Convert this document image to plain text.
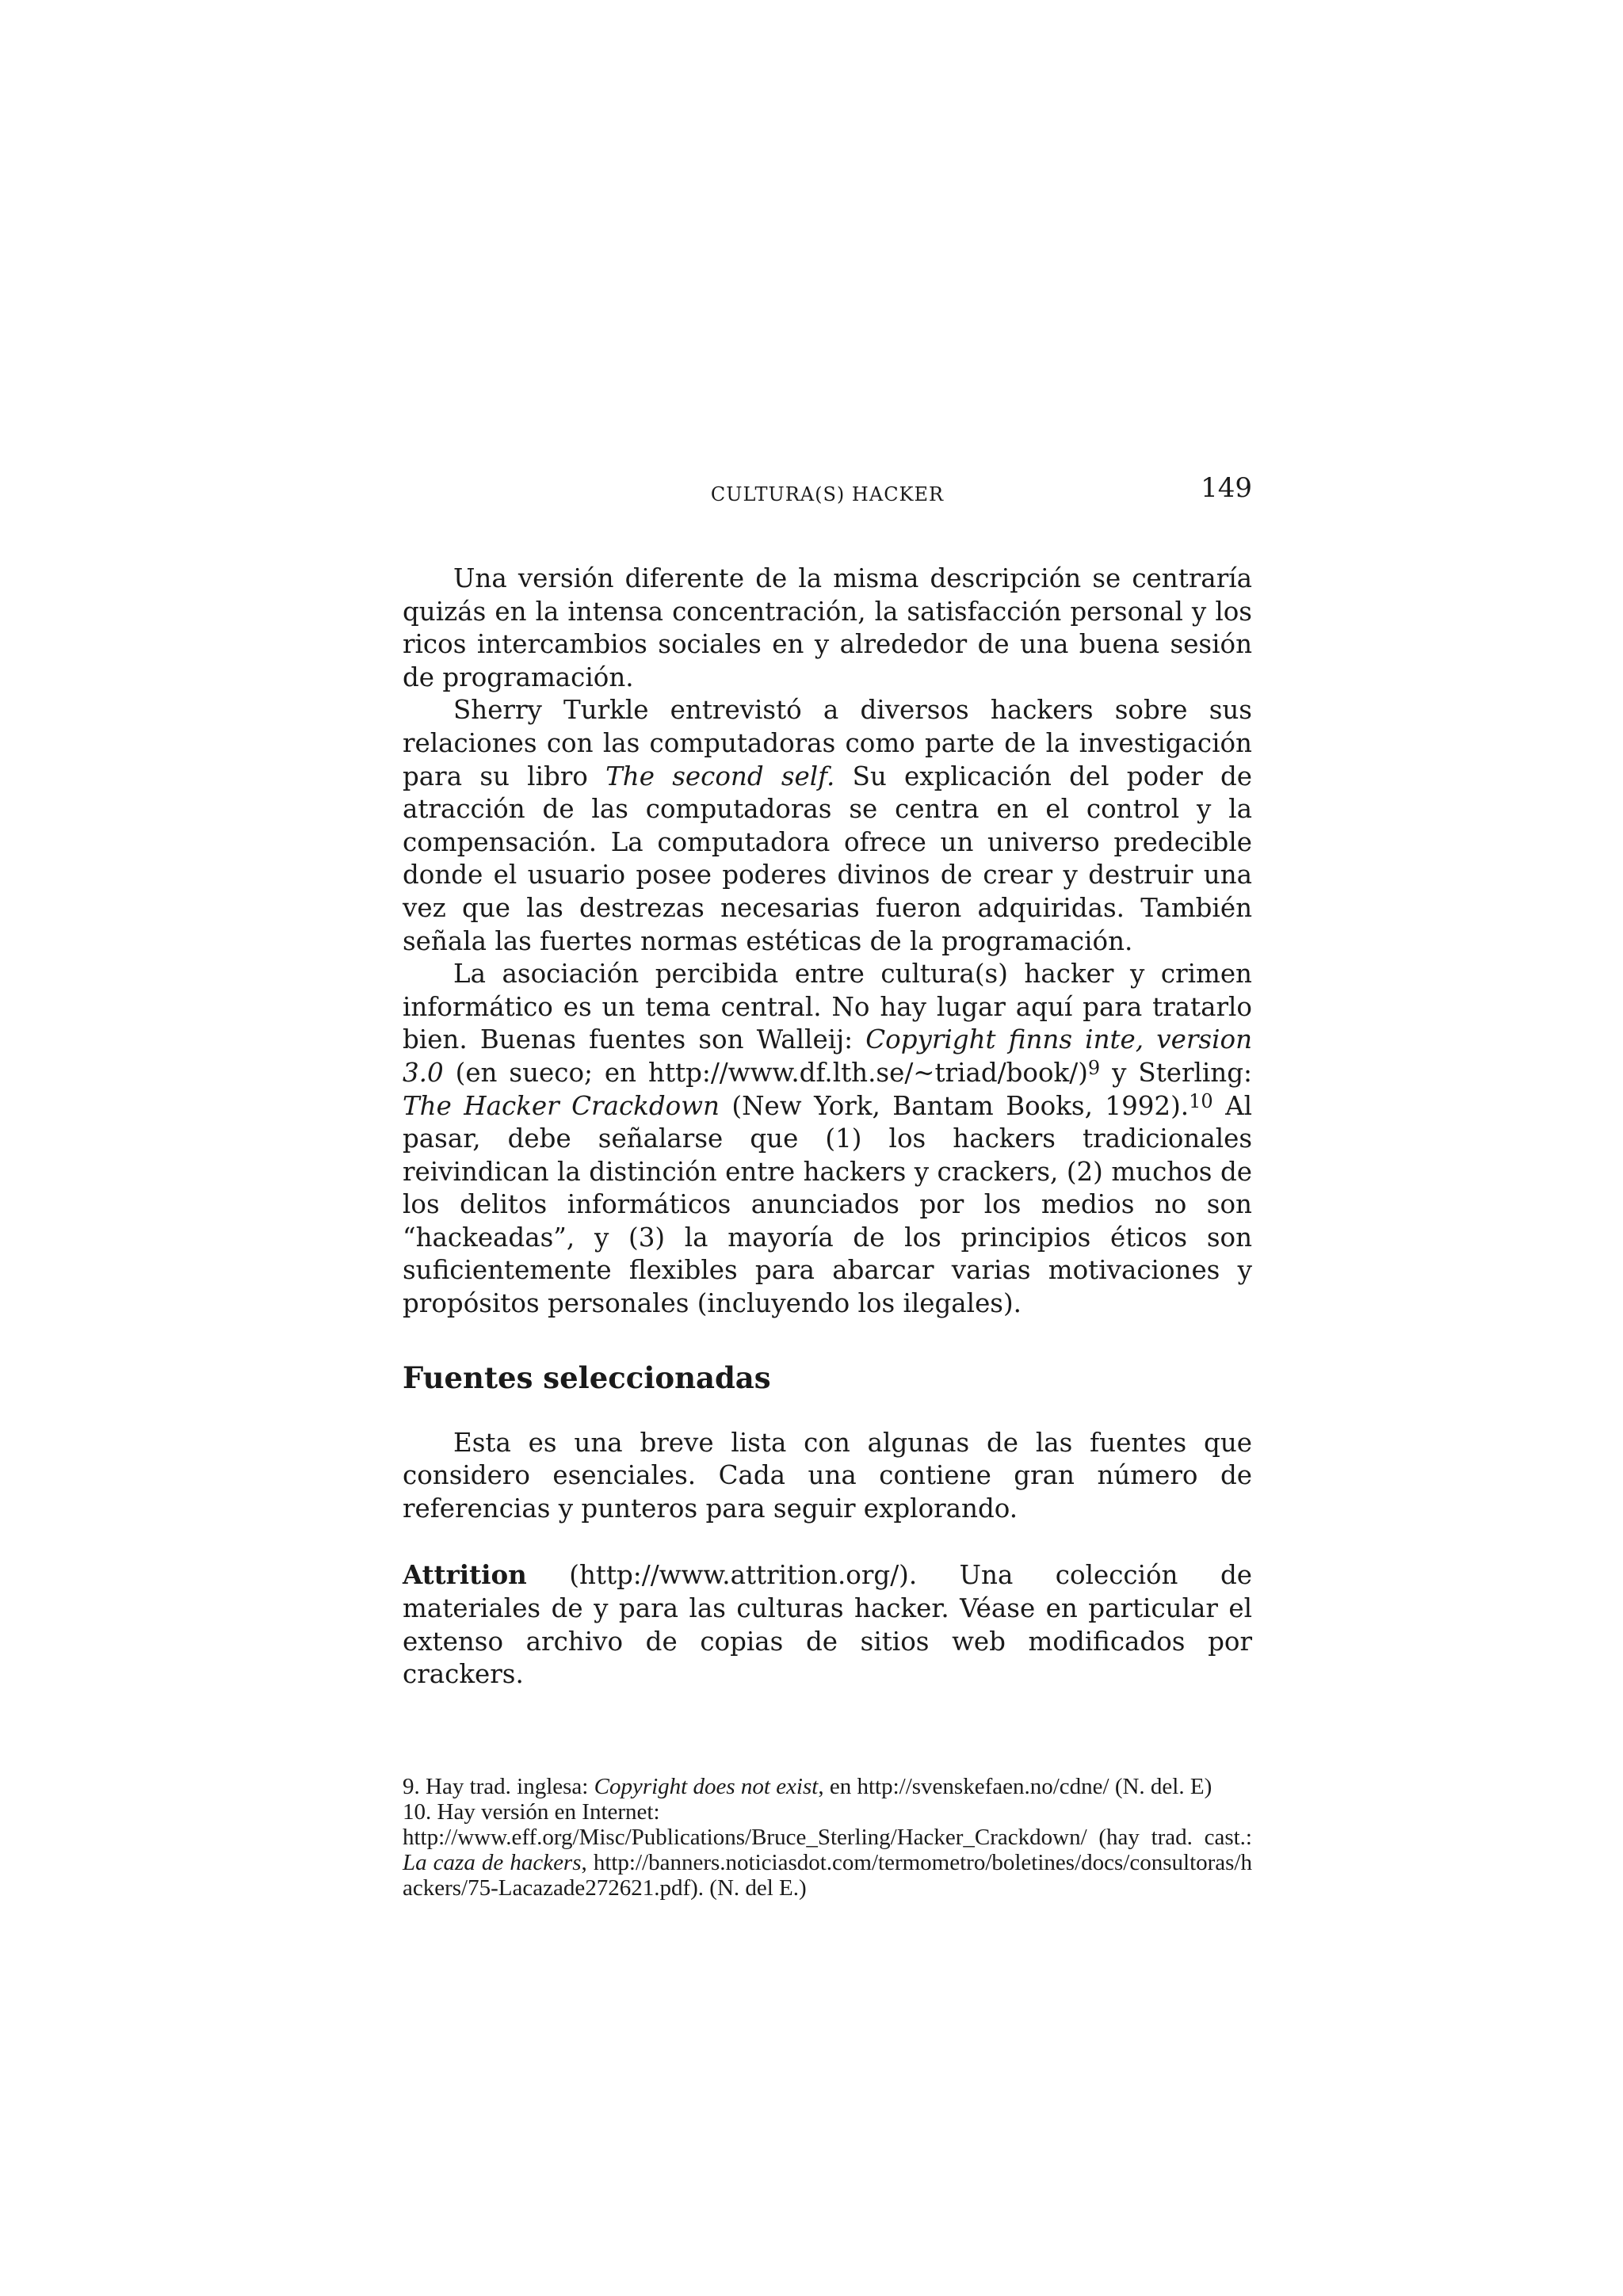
CULTURA(S) HACKER	149

Una versión diferente de la misma descripción se centraría quizás en la intensa concentración, la satisfacción personal y los ricos intercambios sociales en y alrededor de una buena sesión de programación.

Sherry Turkle entrevistó a diversos hackers sobre sus relaciones con las computadoras como parte de la investigación para su libro The second self. Su explicación del poder de atracción de las computadoras se centra en el control y la compensación. La computadora ofrece un universo predecible donde el usuario posee poderes divinos de crear y destruir una vez que las destrezas necesarias fueron adquiridas. También señala las fuertes normas estéticas de la programación.

La asociación percibida entre cultura(s) hacker y crimen informático es un tema central. No hay lugar aquí para tratarlo bien. Buenas fuentes son Walleij: Copyright finns inte, version 3.0 (en sueco; en http://www.df.lth.se/~triad/book/)$^9$ y Sterling: The Hacker Crackdown (New York, Bantam Books, 1992).$^{10}$ Al pasar, debe señalarse que (1) los hackers tradicionales reivindican la distinción entre hackers y crackers, (2) muchos de los delitos informáticos anunciados por los medios no son “hackeadas”, y (3) la mayoría de los principios éticos son suficientemente flexibles para abarcar varias motivaciones y propósitos personales (incluyendo los ilegales).

Fuentes seleccionadas

Esta es una breve lista con algunas de las fuentes que considero esenciales. Cada una contiene gran número de referencias y punteros para seguir explorando.

Attrition (http://www.attrition.org/). Una colección de materiales de y para las culturas hacker. Véase en particular el extenso archivo de copias de sitios web modificados por crackers.

9. Hay trad. inglesa: Copyright does not exist, en http://svenskefaen.no/cdne/ (N. del. E)

10. Hay versión en Internet:

http://www.eff.org/Misc/Publications/Bruce_Sterling/Hacker_Crackdown/ (hay trad. cast.: La caza de hackers, http://banners.noticiasdot.com/termometro/boletines/docs/consultoras/hackers/75-Lacazade272621.pdf). (N. del E.)
